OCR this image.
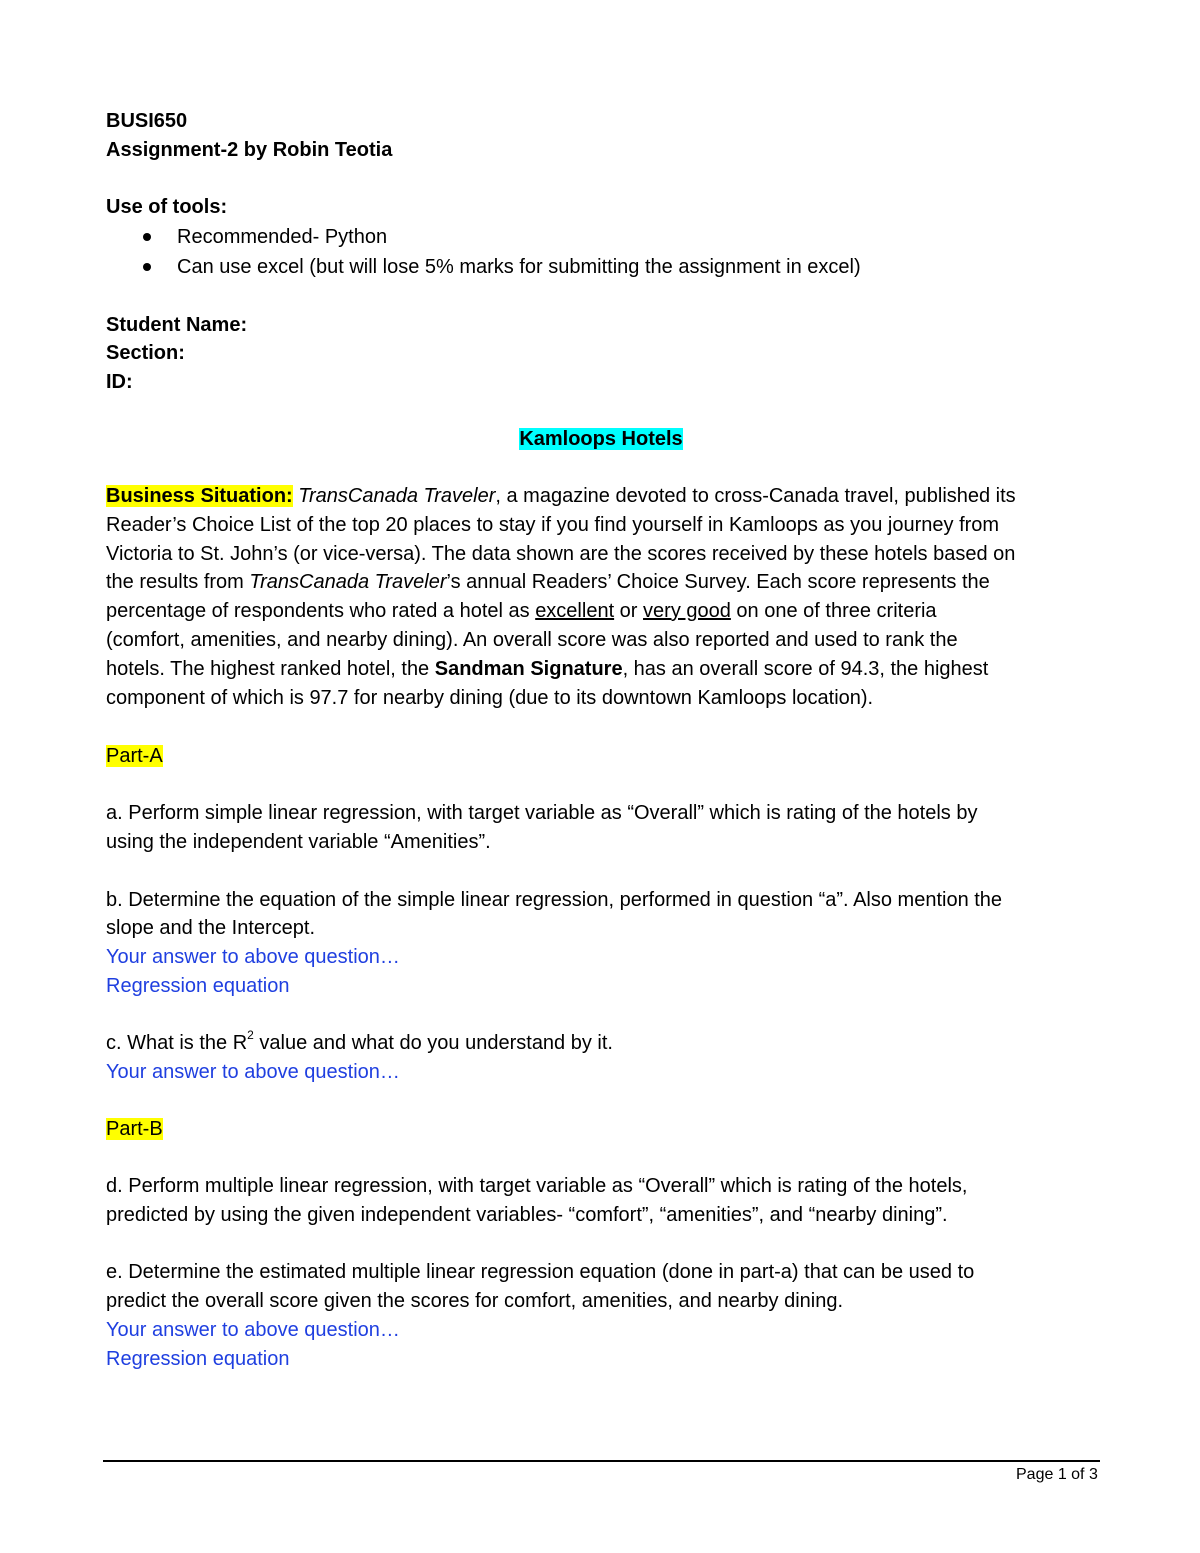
BUSI650
Assignment-2 by Robin Teotia
Use of tools:
Recommended- Python
Can use excel (but will lose 5% marks for submitting the assignment in excel)
Student Name:
Section:
ID:
Kamloops Hotels
Business Situation: TransCanada Traveler, a magazine devoted to cross-Canada travel, published its
Reader’s Choice List of the top 20 places to stay if you find yourself in Kamloops as you journey from
Victoria to St. John’s (or vice-versa). The data shown are the scores received by these hotels based on
the results from TransCanada Traveler’s annual Readers’ Choice Survey. Each score represents the
percentage of respondents who rated a hotel as excellent or very good on one of three criteria
(comfort, amenities, and nearby dining). An overall score was also reported and used to rank the
hotels. The highest ranked hotel, the Sandman Signature, has an overall score of 94.3, the highest
component of which is 97.7 for nearby dining (due to its downtown Kamloops location).
Part-A
a. Perform simple linear regression, with target variable as “Overall” which is rating of the hotels by
using the independent variable “Amenities”.
b. Determine the equation of the simple linear regression, performed in question “a”. Also mention the
slope and the Intercept.
Your answer to above question…
Regression equation
c. What is the $R^2$ value and what do you understand by it.
Your answer to above question…
Part-B
d. Perform multiple linear regression, with target variable as “Overall” which is rating of the hotels,
predicted by using the given independent variables- “comfort”, “amenities”, and “nearby dining”.
e. Determine the estimated multiple linear regression equation (done in part-a) that can be used to
predict the overall score given the scores for comfort, amenities, and nearby dining.
Your answer to above question…
Regression equation
Page 1 of 3
